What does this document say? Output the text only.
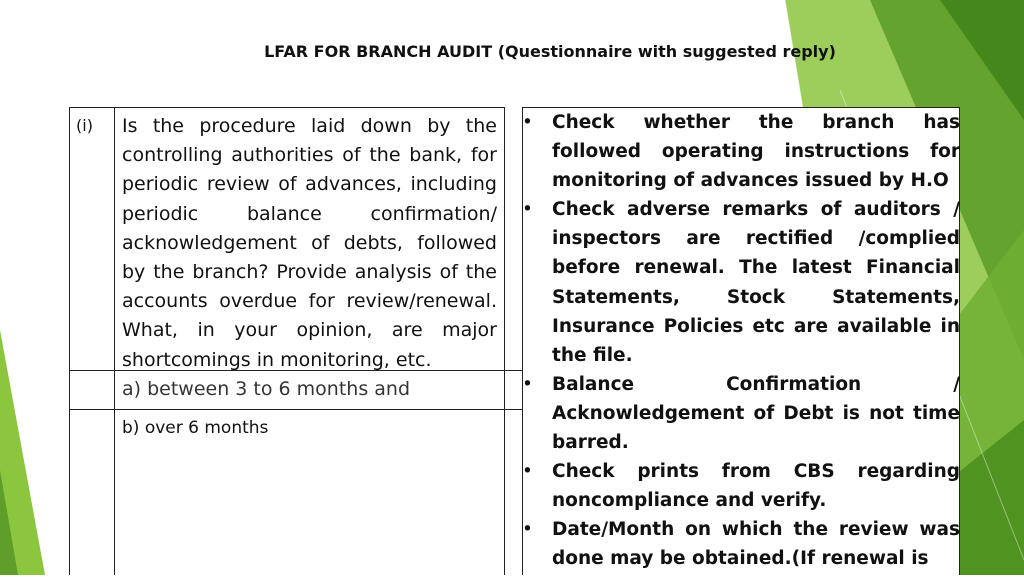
LFAR FOR BRANCH AUDIT (Questionnaire with suggested reply)
(i) Is the procedure laid down by the controlling authorities of the bank, for periodic review of advances, including periodic balance confirmation/ acknowledgement of debts, followed by the branch? Provide analysis of the accounts overdue for review/renewal. What, in your opinion, are major shortcomings in monitoring, etc.
a) between 3 to 6 months and
b) over 6 months
• Check whether the branch has followed operating instructions for monitoring of advances issued by H.O
• Check adverse remarks of auditors / inspectors are rectified /complied before renewal. The latest Financial Statements, Stock Statements, Insurance Policies etc are available in the file.
• Balance Confirmation / Acknowledgement of Debt is not time barred.
• Check prints from CBS regarding noncompliance and verify.
• Date/Month on which the review was done may be obtained.(If renewal is
